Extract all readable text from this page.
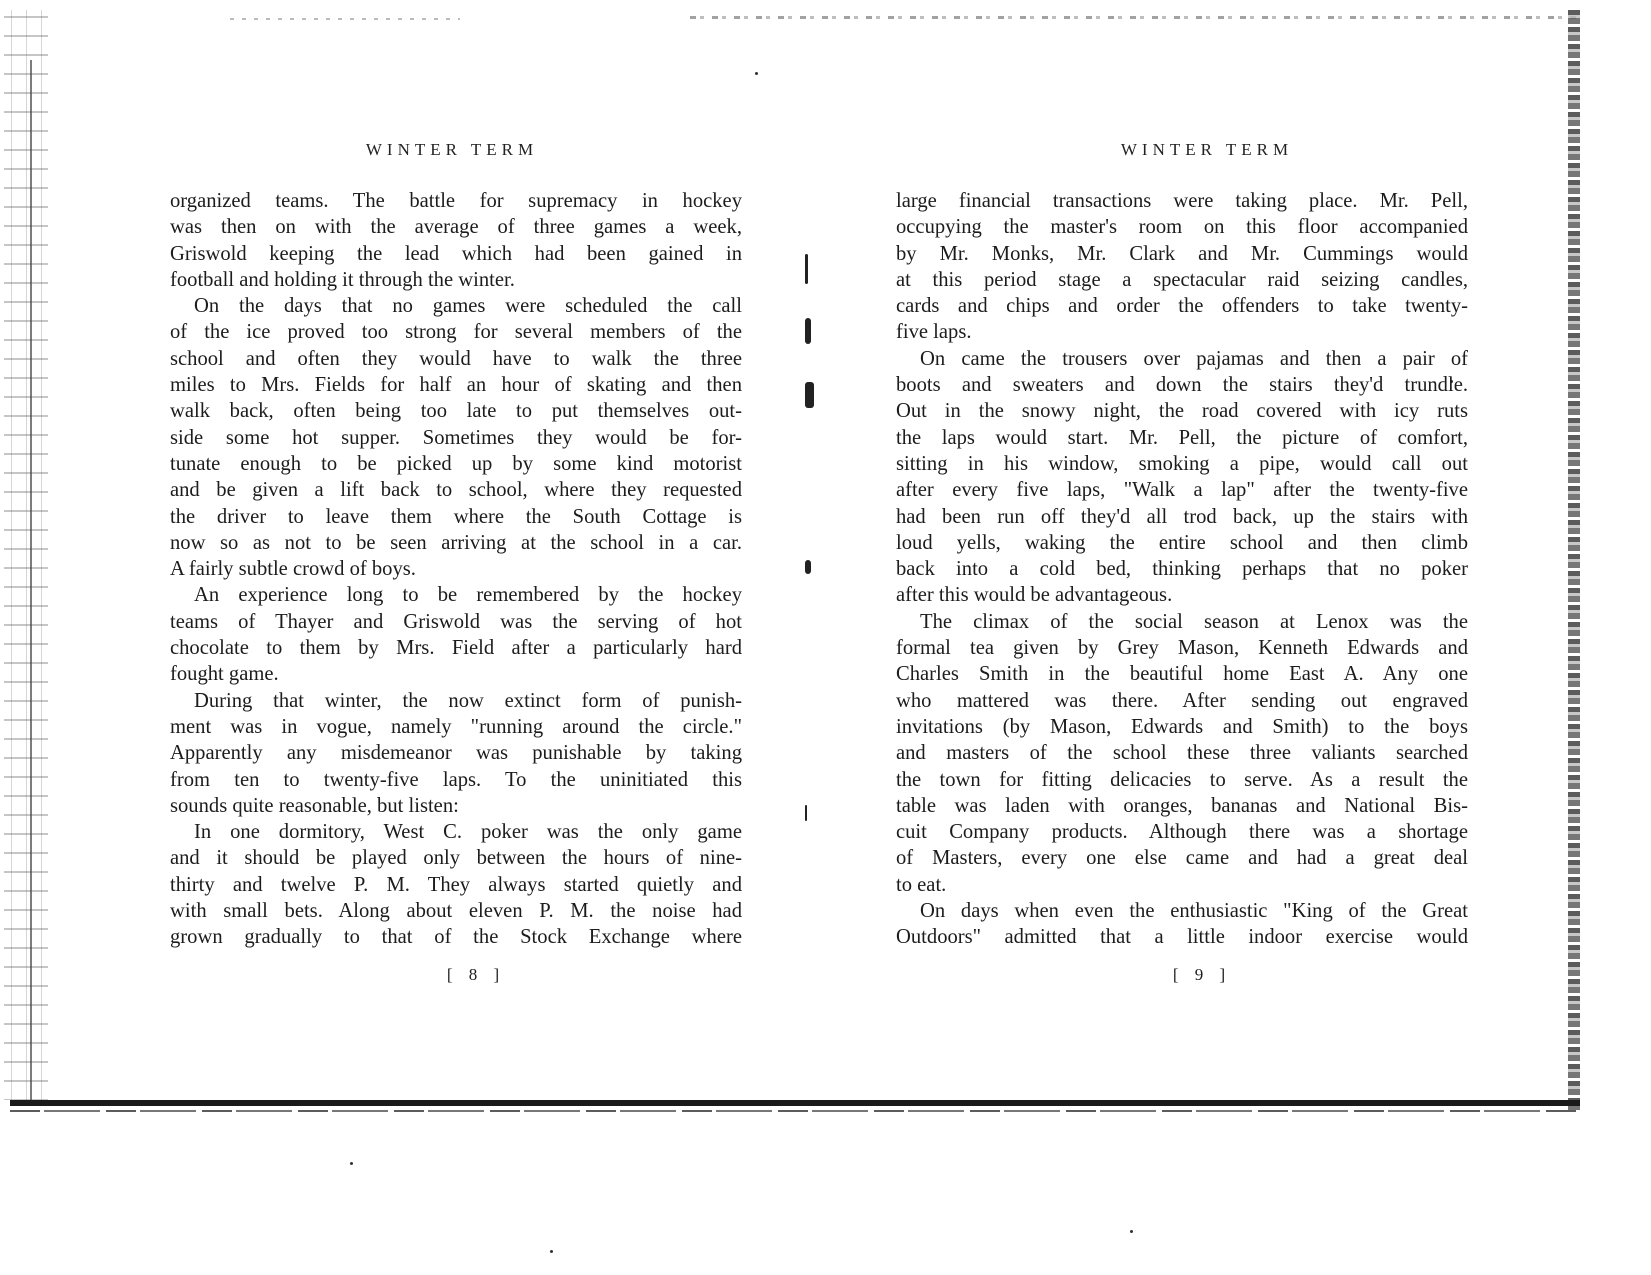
WINTER TERM

organized teams. The battle for supremacy in hockey
was then on with the average of three games a week,
Griswold keeping the lead which had been gained in
football and holding it through the winter.

On the days that no games were scheduled the call
of the ice proved too strong for several members of the
school and often they would have to walk the three
miles to Mrs. Fields for half an hour of skating and then
walk back, often being too late to put themselves out-
side some hot supper. Sometimes they would be for-
tunate enough to be picked up by some kind motorist
and be given a lift back to school, where they requested
the driver to leave them where the South Cottage is
now so as not to be seen arriving at the school in a car.
A fairly subtle crowd of boys.

An experience long to be remembered by the hockey
teams of Thayer and Griswold was the serving of hot
chocolate to them by Mrs. Field after a particularly hard
fought game.

During that winter, the now extinct form of punish-
ment was in vogue, namely "running around the circle."
Apparently any misdemeanor was punishable by taking
from ten to twenty-five laps. To the uninitiated this
sounds quite reasonable, but listen:

In one dormitory, West C. poker was the only game
and it should be played only between the hours of nine-
thirty and twelve P. M. They always started quietly and
with small bets. Along about eleven P. M. the noise had
grown gradually to that of the Stock Exchange where

[ 8 ]
WINTER TERM

large financial transactions were taking place. Mr. Pell,
occupying the master's room on this floor accompanied
by Mr. Monks, Mr. Clark and Mr. Cummings would
at this period stage a spectacular raid seizing candles,
cards and chips and order the offenders to take twenty-
five laps.

On came the trousers over pajamas and then a pair of
boots and sweaters and down the stairs they'd trundle.
Out in the snowy night, the road covered with icy ruts
the laps would start. Mr. Pell, the picture of comfort,
sitting in his window, smoking a pipe, would call out
after every five laps, "Walk a lap" after the twenty-five
had been run off they'd all trod back, up the stairs with
loud yells, waking the entire school and then climb
back into a cold bed, thinking perhaps that no poker
after this would be advantageous.

The climax of the social season at Lenox was the
formal tea given by Grey Mason, Kenneth Edwards and
Charles Smith in the beautiful home East A. Any one
who mattered was there. After sending out engraved
invitations (by Mason, Edwards and Smith) to the boys
and masters of the school these three valiants searched
the town for fitting delicacies to serve. As a result the
table was laden with oranges, bananas and National Bis-
cuit Company products. Although there was a shortage
of Masters, every one else came and had a great deal
to eat.

On days when even the enthusiastic "King of the Great
Outdoors" admitted that a little indoor exercise would

[ 9 ]
